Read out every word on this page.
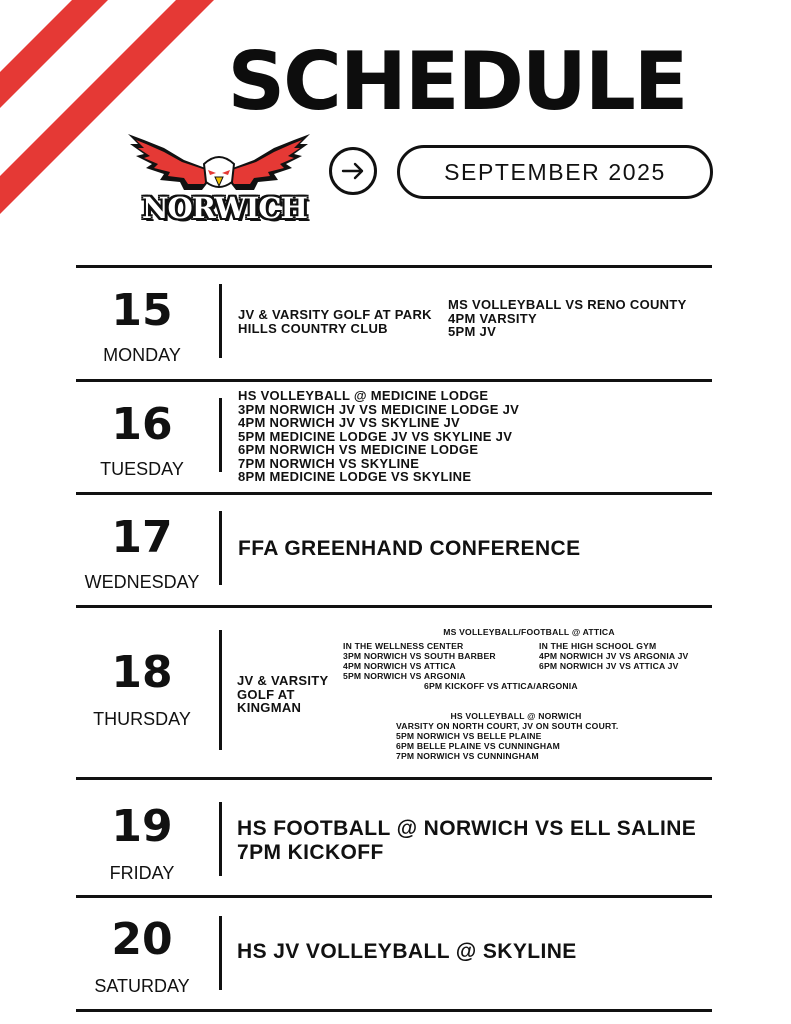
SCHEDULE
NORWICH
SEPTEMBER 2025
15
MONDAY
JV & VARSITY GOLF AT PARK
HILLS COUNTRY CLUB
MS VOLLEYBALL VS RENO COUNTY
4PM VARSITY
5PM JV
16
TUESDAY
HS VOLLEYBALL @ MEDICINE LODGE
3PM NORWICH JV VS MEDICINE LODGE JV
4PM NORWICH JV VS SKYLINE JV
5PM MEDICINE LODGE JV VS SKYLINE JV
6PM NORWICH VS MEDICINE LODGE
7PM NORWICH VS SKYLINE
8PM MEDICINE LODGE VS SKYLINE
17
WEDNESDAY
FFA GREENHAND CONFERENCE
18
THURSDAY
JV & VARSITY
GOLF AT
KINGMAN
MS VOLLEYBALL/FOOTBALL @ ATTICA
IN THE WELLNESS CENTER
3PM NORWICH VS SOUTH BARBER
4PM NORWICH VS ATTICA
5PM NORWICH VS ARGONIA
IN THE HIGH SCHOOL GYM
4PM NORWICH JV VS ARGONIA JV
6PM NORWICH JV VS ATTICA JV
6PM KICKOFF VS ATTICA/ARGONIA
HS VOLLEYBALL @ NORWICH
VARSITY ON NORTH COURT, JV ON SOUTH COURT.
5PM NORWICH VS BELLE PLAINE
6PM BELLE PLAINE VS CUNNINGHAM
7PM NORWICH VS CUNNINGHAM
19
FRIDAY
HS FOOTBALL @ NORWICH VS ELL SALINE
7PM KICKOFF
20
SATURDAY
HS JV VOLLEYBALL @ SKYLINE
